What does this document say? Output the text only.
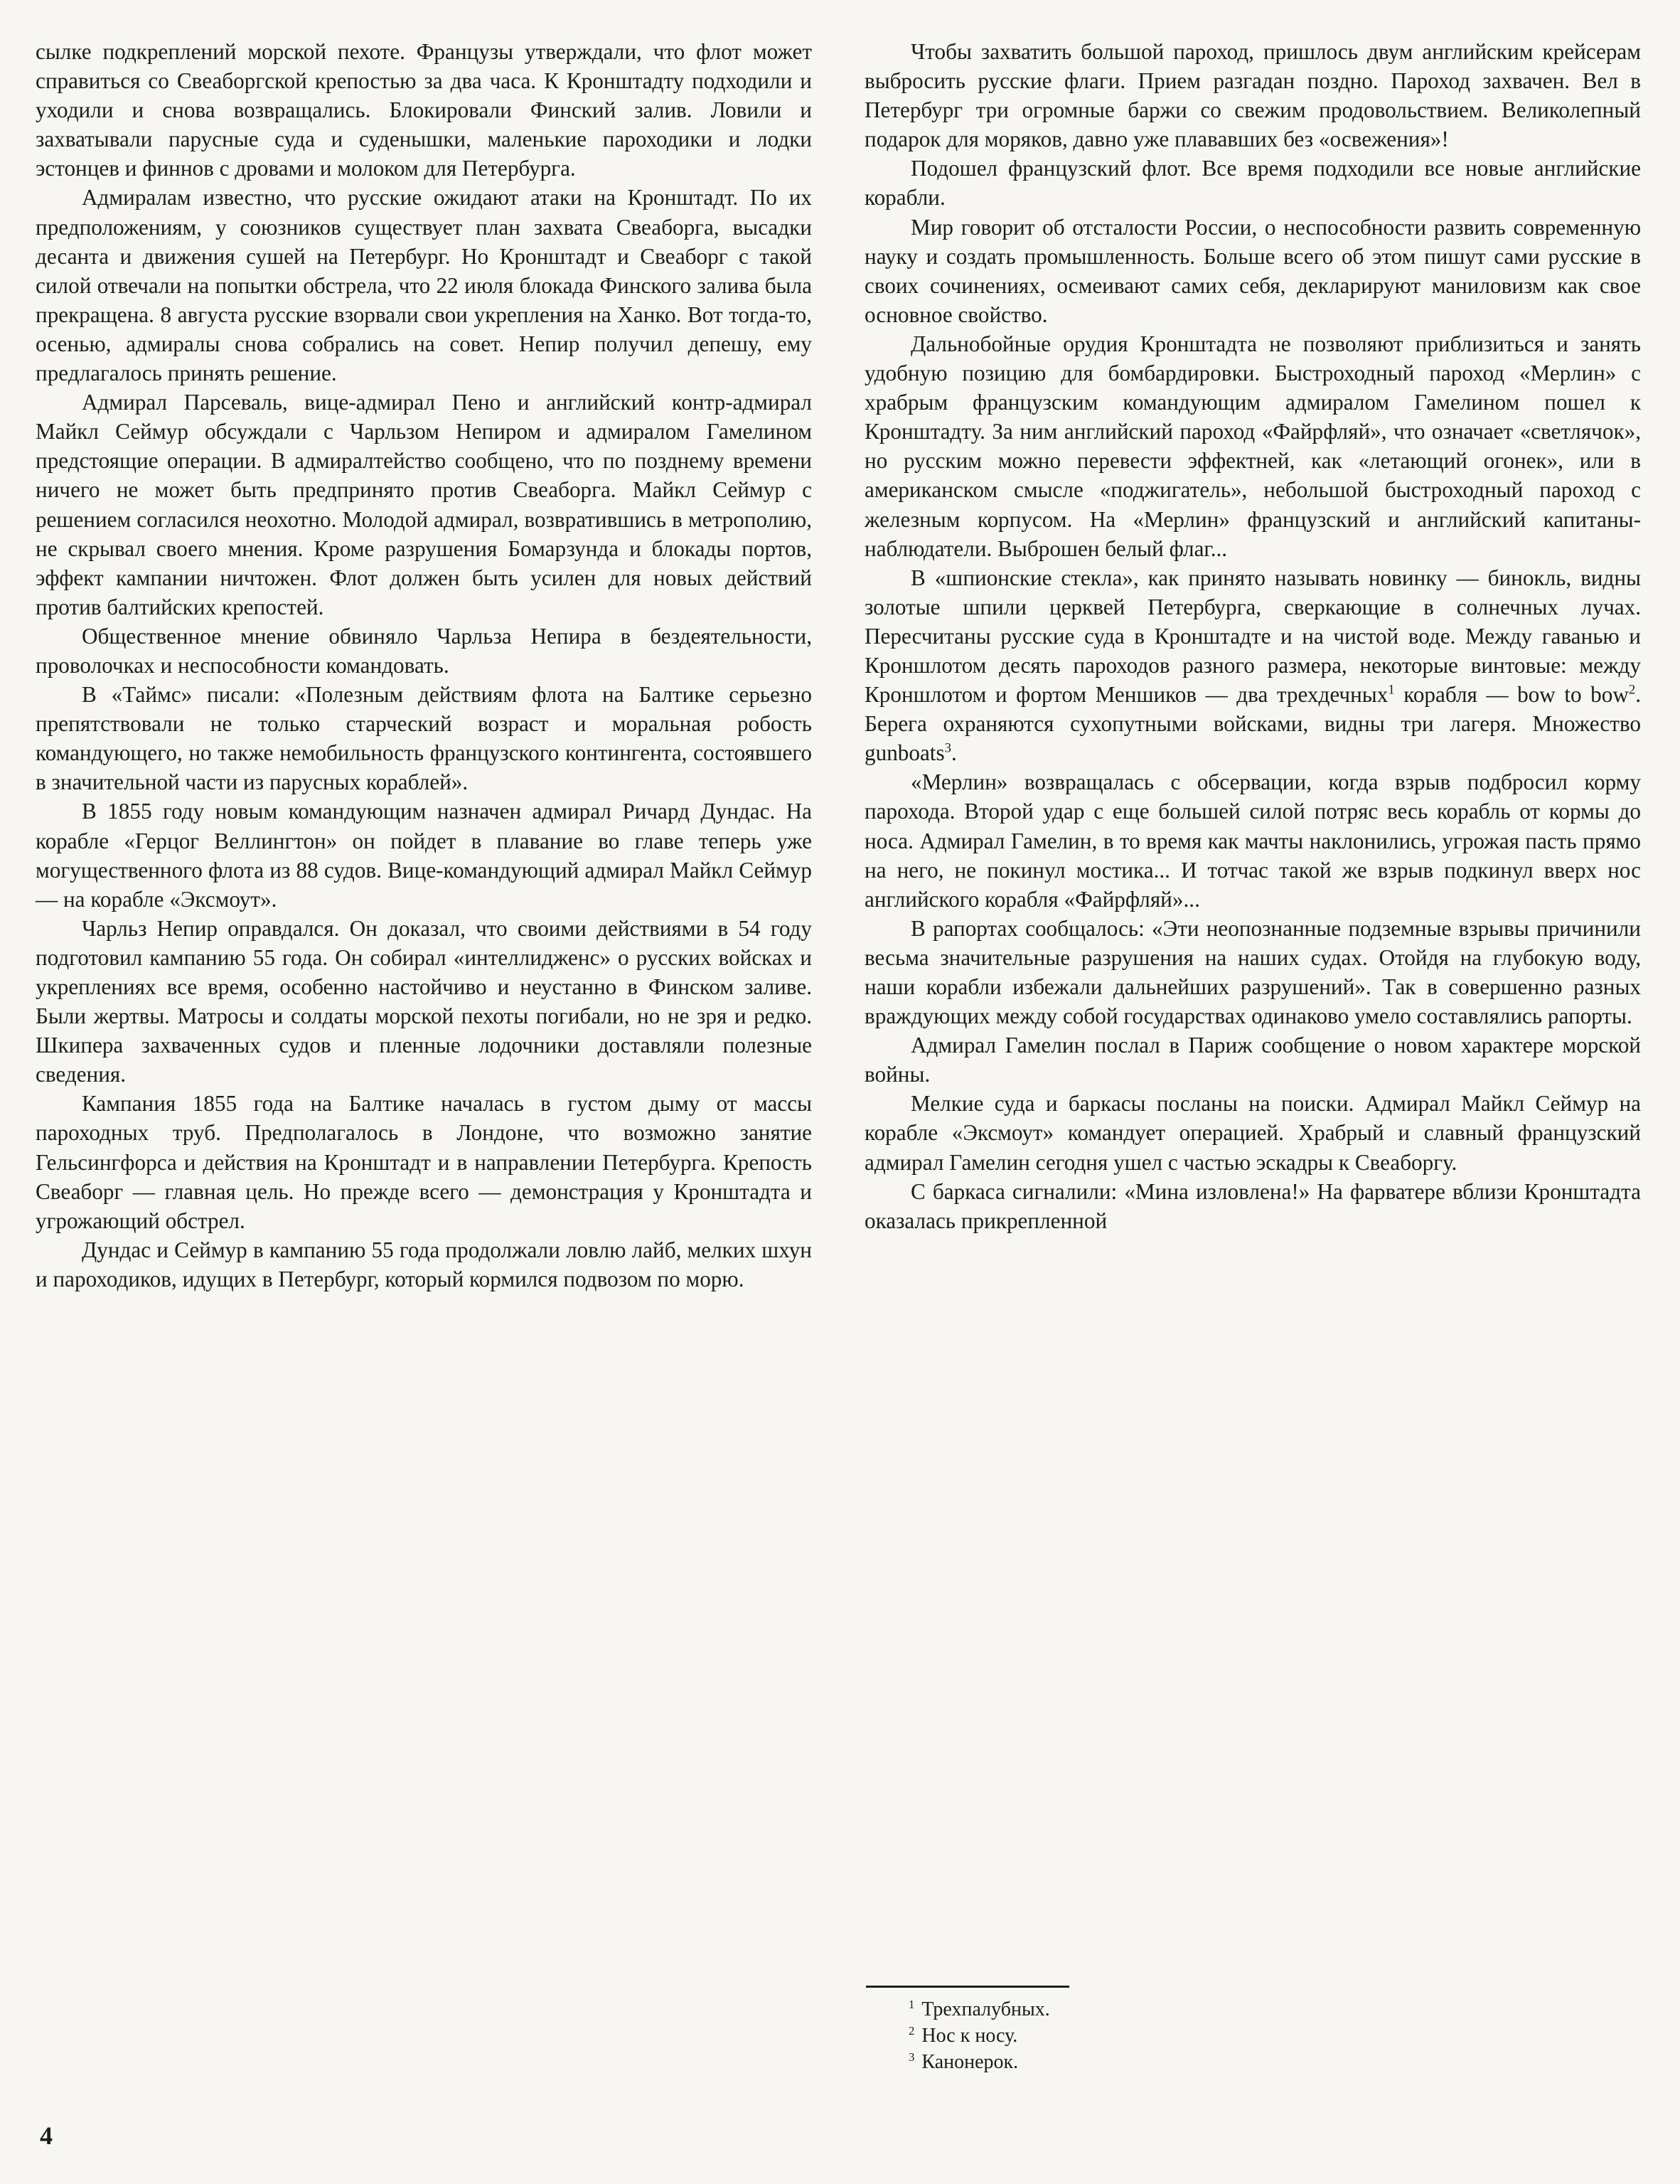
сылке подкреплений морской пехоте. Французы утверждали, что флот может справиться со Свеаборгской крепостью за два часа. К Кронштадту подходили и уходили и снова возвращались. Блокировали Финский залив. Ловили и захватывали парусные суда и суденышки, маленькие пароходики и лодки эстонцев и финнов с дровами и молоком для Петербурга.

Адмиралам известно, что русские ожидают атаки на Кронштадт. По их предположениям, у союзников существует план захвата Свеаборга, высадки десанта и движения сушей на Петербург. Но Кронштадт и Свеаборг с такой силой отвечали на попытки обстрела, что 22 июля блокада Финского залива была прекращена. 8 августа русские взорвали свои укрепления на Ханко. Вот тогда-то, осенью, адмиралы снова собрались на совет. Непир получил депешу, ему предлагалось принять решение.

Адмирал Парсеваль, вице-адмирал Пено и английский контр-адмирал Майкл Сеймур обсуждали с Чарльзом Непиром и адмиралом Гамелином предстоящие операции. В адмиралтейство сообщено, что по позднему времени ничего не может быть предпринято против Свеаборга. Майкл Сеймур с решением согласился неохотно. Молодой адмирал, возвратившись в метрополию, не скрывал своего мнения. Кроме разрушения Бомарзунда и блокады портов, эффект кампании ничтожен. Флот должен быть усилен для новых действий против балтийских крепостей.

Общественное мнение обвиняло Чарльза Непира в бездеятельности, проволочках и неспособности командовать.

В «Таймс» писали: «Полезным действиям флота на Балтике серьезно препятствовали не только старческий возраст и моральная робость командующего, но также немобильность французского контингента, состоявшего в значительной части из парусных кораблей».

В 1855 году новым командующим назначен адмирал Ричард Дундас. На корабле «Герцог Веллингтон» он пойдет в плавание во главе теперь уже могущественного флота из 88 судов. Вице-командующий адмирал Майкл Сеймур — на корабле «Эксмоут».

Чарльз Непир оправдался. Он доказал, что своими действиями в 54 году подготовил кампанию 55 года. Он собирал «интеллидженс» о русских войсках и укреплениях все время, особенно настойчиво и неустанно в Финском заливе. Были жертвы. Матросы и солдаты морской пехоты погибали, но не зря и редко. Шкипера захваченных судов и пленные лодочники доставляли полезные сведения.

Кампания 1855 года на Балтике началась в густом дыму от массы пароходных труб. Предполагалось в Лондоне, что возможно занятие Гельсингфорса и действия на Кронштадт и в направлении Петербурга. Крепость Свеаборг — главная цель. Но прежде всего — демонстрация у Кронштадта и угрожающий обстрел.

Дундас и Сеймур в кампанию 55 года продолжали ловлю лайб, мелких шхун и пароходиков, идущих в Петербург, который кормился подвозом по морю.

Чтобы захватить большой пароход, пришлось двум английским крейсерам выбросить русские флаги. Прием разгадан поздно. Пароход захвачен. Вел в Петербург три огромные баржи со свежим продовольствием. Великолепный подарок для моряков, давно уже плававших без «освежения»!

Подошел французский флот. Все время подходили все новые английские корабли.

Мир говорит об отсталости России, о неспособности развить современную науку и создать промышленность. Больше всего об этом пишут сами русские в своих сочинениях, осмеивают самих себя, декларируют маниловизм как свое основное свойство.

Дальнобойные орудия Кронштадта не позволяют приблизиться и занять удобную позицию для бомбардировки. Быстроходный пароход «Мерлин» с храбрым французским командующим адмиралом Гамелином пошел к Кронштадту. За ним английский пароход «Файрфляй», что означает «светлячок», но русским можно перевести эффектней, как «летающий огонек», или в американском смысле «поджигатель», небольшой быстроходный пароход с железным корпусом. На «Мерлин» французский и английский капитаны-наблюдатели. Выброшен белый флаг...

В «шпионские стекла», как принято называть новинку — бинокль, видны золотые шпили церквей Петербурга, сверкающие в солнечных лучах. Пересчитаны русские суда в Кронштадте и на чистой воде. Между гаванью и Кроншлотом десять пароходов разного размера, некоторые винтовые: между Кроншлотом и фортом Меншиков — два трехдечных$^1$ корабля — bow to bow$^2$. Берега охраняются сухопутными войсками, видны три лагеря. Множество gunboats$^3$.

«Мерлин» возвращалась с обсервации, когда взрыв подбросил корму парохода. Второй удар с еще большей силой потряс весь корабль от кормы до носа. Адмирал Гамелин, в то время как мачты наклонились, угрожая пасть прямо на него, не покинул мостика... И тотчас такой же взрыв подкинул вверх нос английского корабля «Файрфляй»...

В рапортах сообщалось: «Эти неопознанные подземные взрывы причинили весьма значительные разрушения на наших судах. Отойдя на глубокую воду, наши корабли избежали дальнейших разрушений». Так в совершенно разных враждующих между собой государствах одинаково умело составлялись рапорты.

Адмирал Гамелин послал в Париж сообщение о новом характере морской войны.

Мелкие суда и баркасы посланы на поиски. Адмирал Майкл Сеймур на корабле «Эксмоут» командует операцией. Храбрый и славный французский адмирал Гамелин сегодня ушел с частью эскадры к Свеаборгу.

С баркаса сигналили: «Мина изловлена!» На фарватере вблизи Кронштадта оказалась прикрепленной

$^1$ Трехпалубных.
$^2$ Нос к носу.
$^3$ Канонерок.
4
